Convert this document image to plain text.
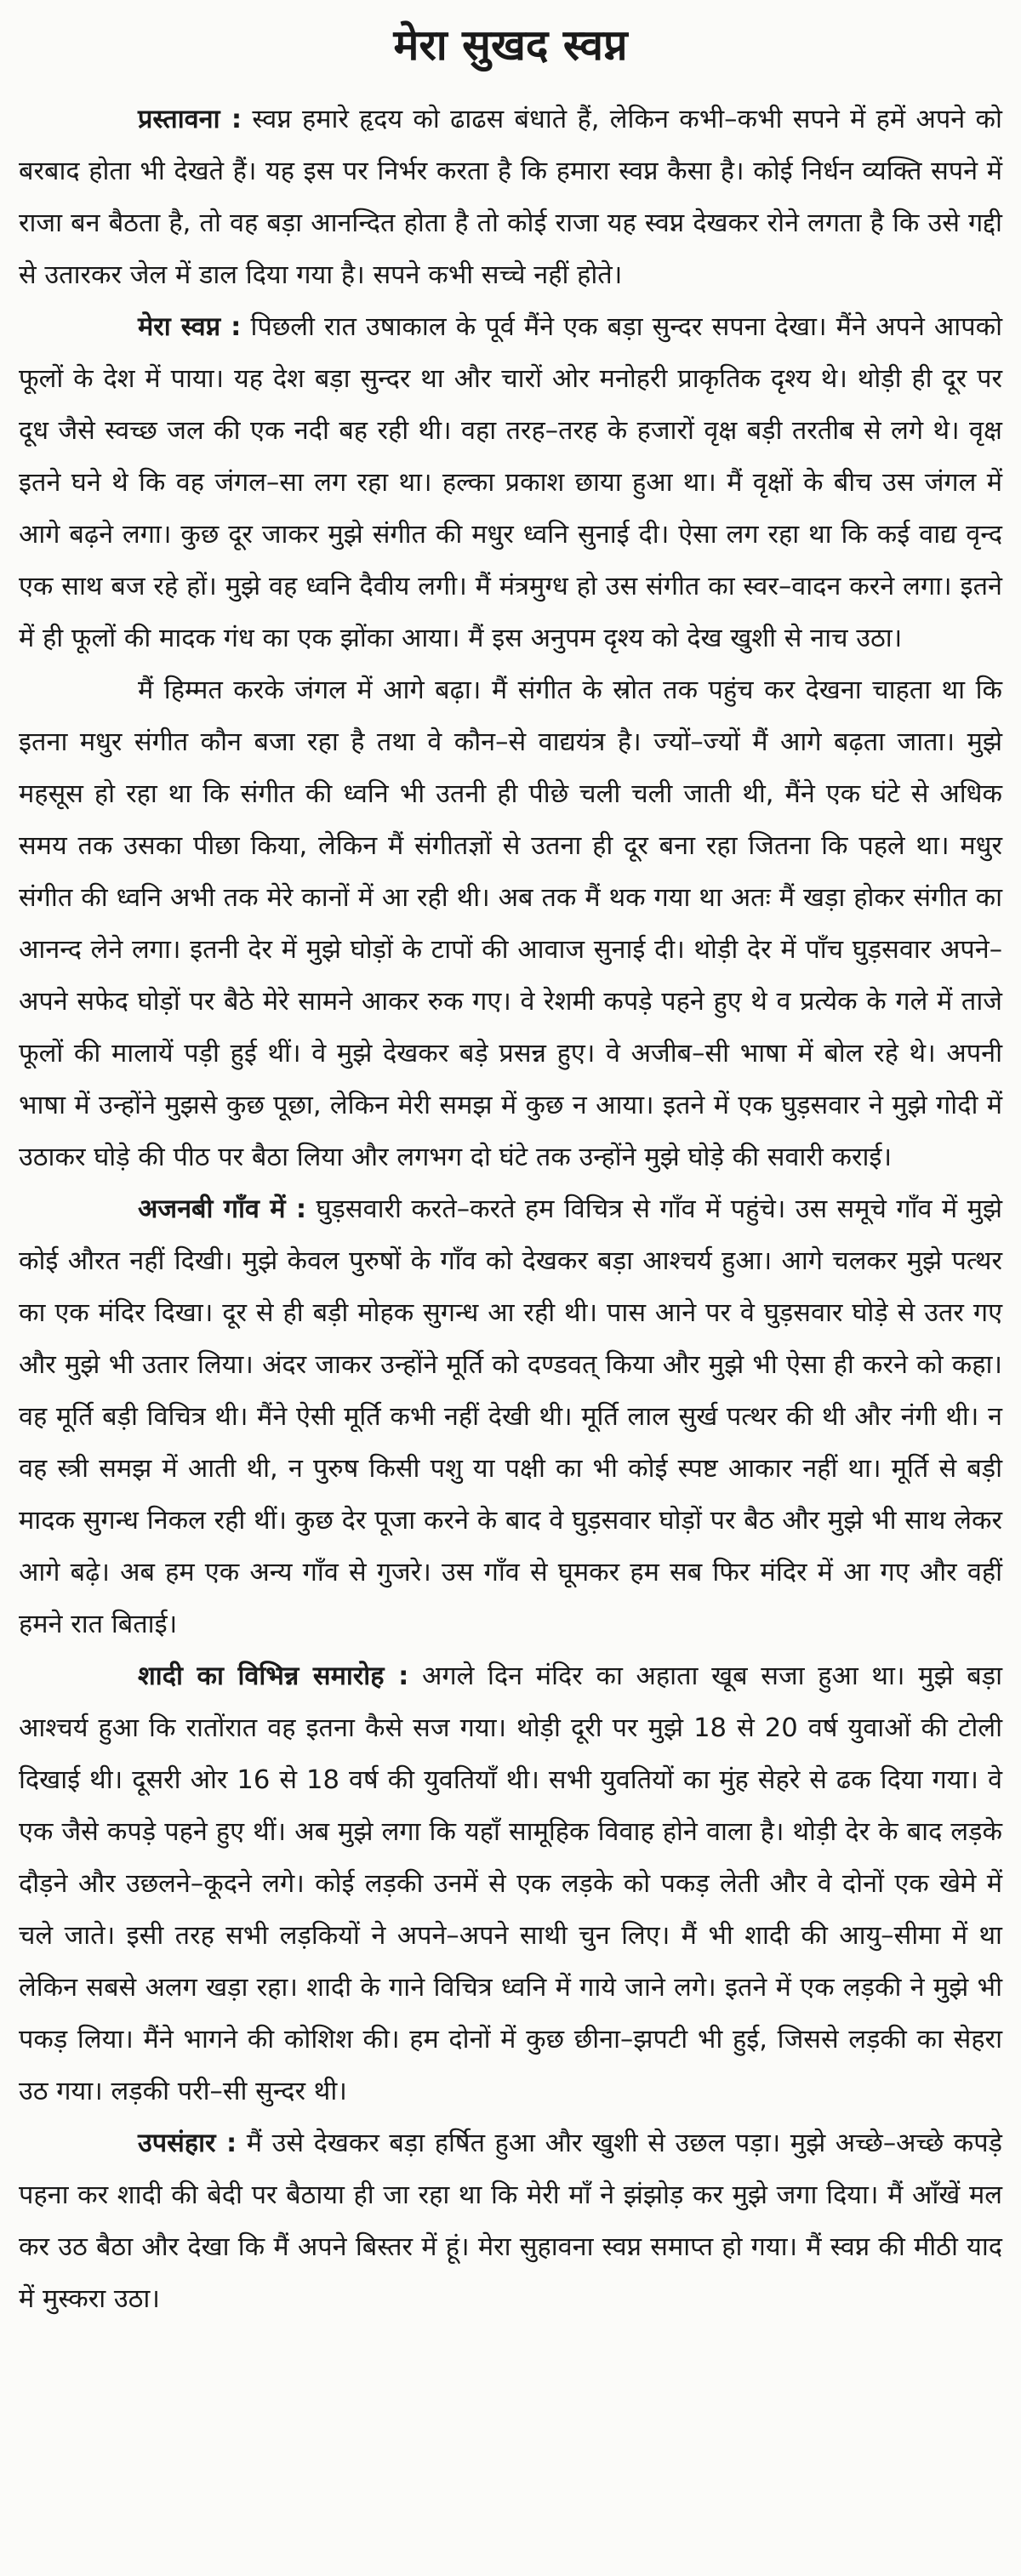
मेरा सुखद स्वप्न

प्रस्तावना : स्वप्न हमारे हृदय को ढाढस बंधाते हैं, लेकिन कभी–कभी सपने में हमें अपने को बरबाद होता भी देखते हैं। यह इस पर निर्भर करता है कि हमारा स्वप्न कैसा है। कोई निर्धन व्यक्ति सपने में राजा बन बैठता है, तो वह बड़ा आनन्दित होता है तो कोई राजा यह स्वप्न देखकर रोने लगता है कि उसे गद्दी से उतारकर जेल में डाल दिया गया है। सपने कभी सच्चे नहीं होते।

मेरा स्वप्न : पिछली रात उषाकाल के पूर्व मैंने एक बड़ा सुन्दर सपना देखा। मैंने अपने आपको फूलों के देश में पाया। यह देश बड़ा सुन्दर था और चारों ओर मनोहरी प्राकृतिक दृश्य थे। थोड़ी ही दूर पर दूध जैसे स्वच्छ जल की एक नदी बह रही थी। वहा तरह–तरह के हजारों वृक्ष बड़ी तरतीब से लगे थे। वृक्ष इतने घने थे कि वह जंगल–सा लग रहा था। हल्का प्रकाश छाया हुआ था। मैं वृक्षों के बीच उस जंगल में आगे बढ़ने लगा। कुछ दूर जाकर मुझे संगीत की मधुर ध्वनि सुनाई दी। ऐसा लग रहा था कि कई वाद्य वृन्द एक साथ बज रहे हों। मुझे वह ध्वनि दैवीय लगी। मैं मंत्रमुग्ध हो उस संगीत का स्वर–वादन करने लगा। इतने में ही फूलों की मादक गंध का एक झोंका आया। मैं इस अनुपम दृश्य को देख खुशी से नाच उठा।

मैं हिम्मत करके जंगल में आगे बढ़ा। मैं संगीत के स्रोत तक पहुंच कर देखना चाहता था कि इतना मधुर संगीत कौन बजा रहा है तथा वे कौन–से वाद्ययंत्र है। ज्यों–ज्यों मैं आगे बढ़ता जाता। मुझे महसूस हो रहा था कि संगीत की ध्वनि भी उतनी ही पीछे चली चली जाती थी, मैंने एक घंटे से अधिक समय तक उसका पीछा किया, लेकिन मैं संगीतज्ञों से उतना ही दूर बना रहा जितना कि पहले था। मधुर संगीत की ध्वनि अभी तक मेरे कानों में आ रही थी। अब तक मैं थक गया था अतः मैं खड़ा होकर संगीत का आनन्द लेने लगा। इतनी देर में मुझे घोड़ों के टापों की आवाज सुनाई दी। थोड़ी देर में पाँच घुड़सवार अपने–अपने सफेद घोड़ों पर बैठे मेरे सामने आकर रुक गए। वे रेशमी कपड़े पहने हुए थे व प्रत्येक के गले में ताजे फूलों की मालायें पड़ी हुई थीं। वे मुझे देखकर बड़े प्रसन्न हुए। वे अजीब–सी भाषा में बोल रहे थे। अपनी भाषा में उन्होंने मुझसे कुछ पूछा, लेकिन मेरी समझ में कुछ न आया। इतने में एक घुड़सवार ने मुझे गोदी में उठाकर घोड़े की पीठ पर बैठा लिया और लगभग दो घंटे तक उन्होंने मुझे घोड़े की सवारी कराई।

अजनबी गाँव में : घुड़सवारी करते–करते हम विचित्र से गाँव में पहुंचे। उस समूचे गाँव में मुझे कोई औरत नहीं दिखी। मुझे केवल पुरुषों के गाँव को देखकर बड़ा आश्चर्य हुआ। आगे चलकर मुझे पत्थर का एक मंदिर दिखा। दूर से ही बड़ी मोहक सुगन्ध आ रही थी। पास आने पर वे घुड़सवार घोड़े से उतर गए और मुझे भी उतार लिया। अंदर जाकर उन्होंने मूर्ति को दण्डवत् किया और मुझे भी ऐसा ही करने को कहा। वह मूर्ति बड़ी विचित्र थी। मैंने ऐसी मूर्ति कभी नहीं देखी थी। मूर्ति लाल सुर्ख पत्थर की थी और नंगी थी। न वह स्त्री समझ में आती थी, न पुरुष किसी पशु या पक्षी का भी कोई स्पष्ट आकार नहीं था। मूर्ति से बड़ी मादक सुगन्ध निकल रही थीं। कुछ देर पूजा करने के बाद वे घुड़सवार घोड़ों पर बैठ और मुझे भी साथ लेकर आगे बढ़े। अब हम एक अन्य गाँव से गुजरे। उस गाँव से घूमकर हम सब फिर मंदिर में आ गए और वहीं हमने रात बिताई।

शादी का विभिन्न समारोह : अगले दिन मंदिर का अहाता खूब सजा हुआ था। मुझे बड़ा आश्चर्य हुआ कि रातोंरात वह इतना कैसे सज गया। थोड़ी दूरी पर मुझे 18 से 20 वर्ष युवाओं की टोली दिखाई थी। दूसरी ओर 16 से 18 वर्ष की युवतियाँ थी। सभी युवतियों का मुंह सेहरे से ढक दिया गया। वे एक जैसे कपड़े पहने हुए थीं। अब मुझे लगा कि यहाँ सामूहिक विवाह होने वाला है। थोड़ी देर के बाद लड़के दौड़ने और उछलने–कूदने लगे। कोई लड़की उनमें से एक लड़के को पकड़ लेती और वे दोनों एक खेमे में चले जाते। इसी तरह सभी लड़कियों ने अपने–अपने साथी चुन लिए। मैं भी शादी की आयु–सीमा में था लेकिन सबसे अलग खड़ा रहा। शादी के गाने विचित्र ध्वनि में गाये जाने लगे। इतने में एक लड़की ने मुझे भी पकड़ लिया। मैंने भागने की कोशिश की। हम दोनों में कुछ छीना–झपटी भी हुई, जिससे लड़की का सेहरा उठ गया। लड़की परी–सी सुन्दर थी।

उपसंहार : मैं उसे देखकर बड़ा हर्षित हुआ और खुशी से उछल पड़ा। मुझे अच्छे–अच्छे कपड़े पहना कर शादी की बेदी पर बैठाया ही जा रहा था कि मेरी माँ ने झंझोड़ कर मुझे जगा दिया। मैं आँखें मल कर उठ बैठा और देखा कि मैं अपने बिस्तर में हूं। मेरा सुहावना स्वप्न समाप्त हो गया। मैं स्वप्न की मीठी याद में मुस्करा उठा।
